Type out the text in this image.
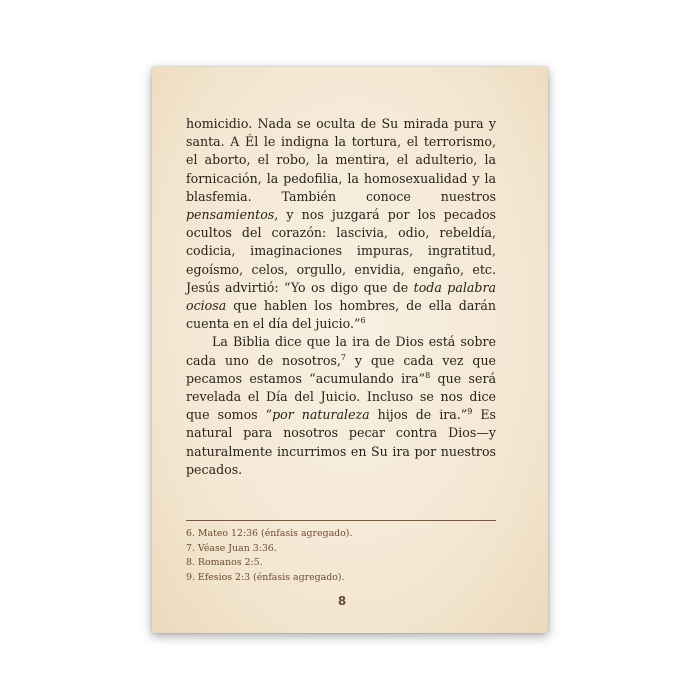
homicidio. Nada se oculta de Su mirada pura y santa. A Él le indigna la tortura, el terrorismo, el aborto, el robo, la mentira, el adulterio, la fornicación, la pedofilia, la homosexualidad y la blasfemia. También conoce nuestros pensamientos, y nos juzgará por los pecados ocultos del corazón: lascivia, odio, rebeldía, codicia, imaginaciones impuras, ingratitud, egoísmo, celos, orgullo, envidia, engaño, etc. Jesús advirtió: “Yo os digo que de toda palabra ociosa que hablen los hombres, de ella darán cuenta en el día del juicio.”$^6$

La Biblia dice que la ira de Dios está sobre cada uno de nosotros,$^7$ y que cada vez que pecamos estamos “acumulando ira”$^8$ que será revelada el Día del Juicio. Incluso se nos dice que somos “por naturaleza hijos de ira.”$^9$ Es natural para nosotros pecar contra Dios—y naturalmente incurrimos en Su ira por nuestros pecados.

6. Mateo 12:36 (énfasis agregado).
7. Véase Juan 3:36.
8. Romanos 2:5.
9. Efesios 2:3 (énfasis agregado).
8
